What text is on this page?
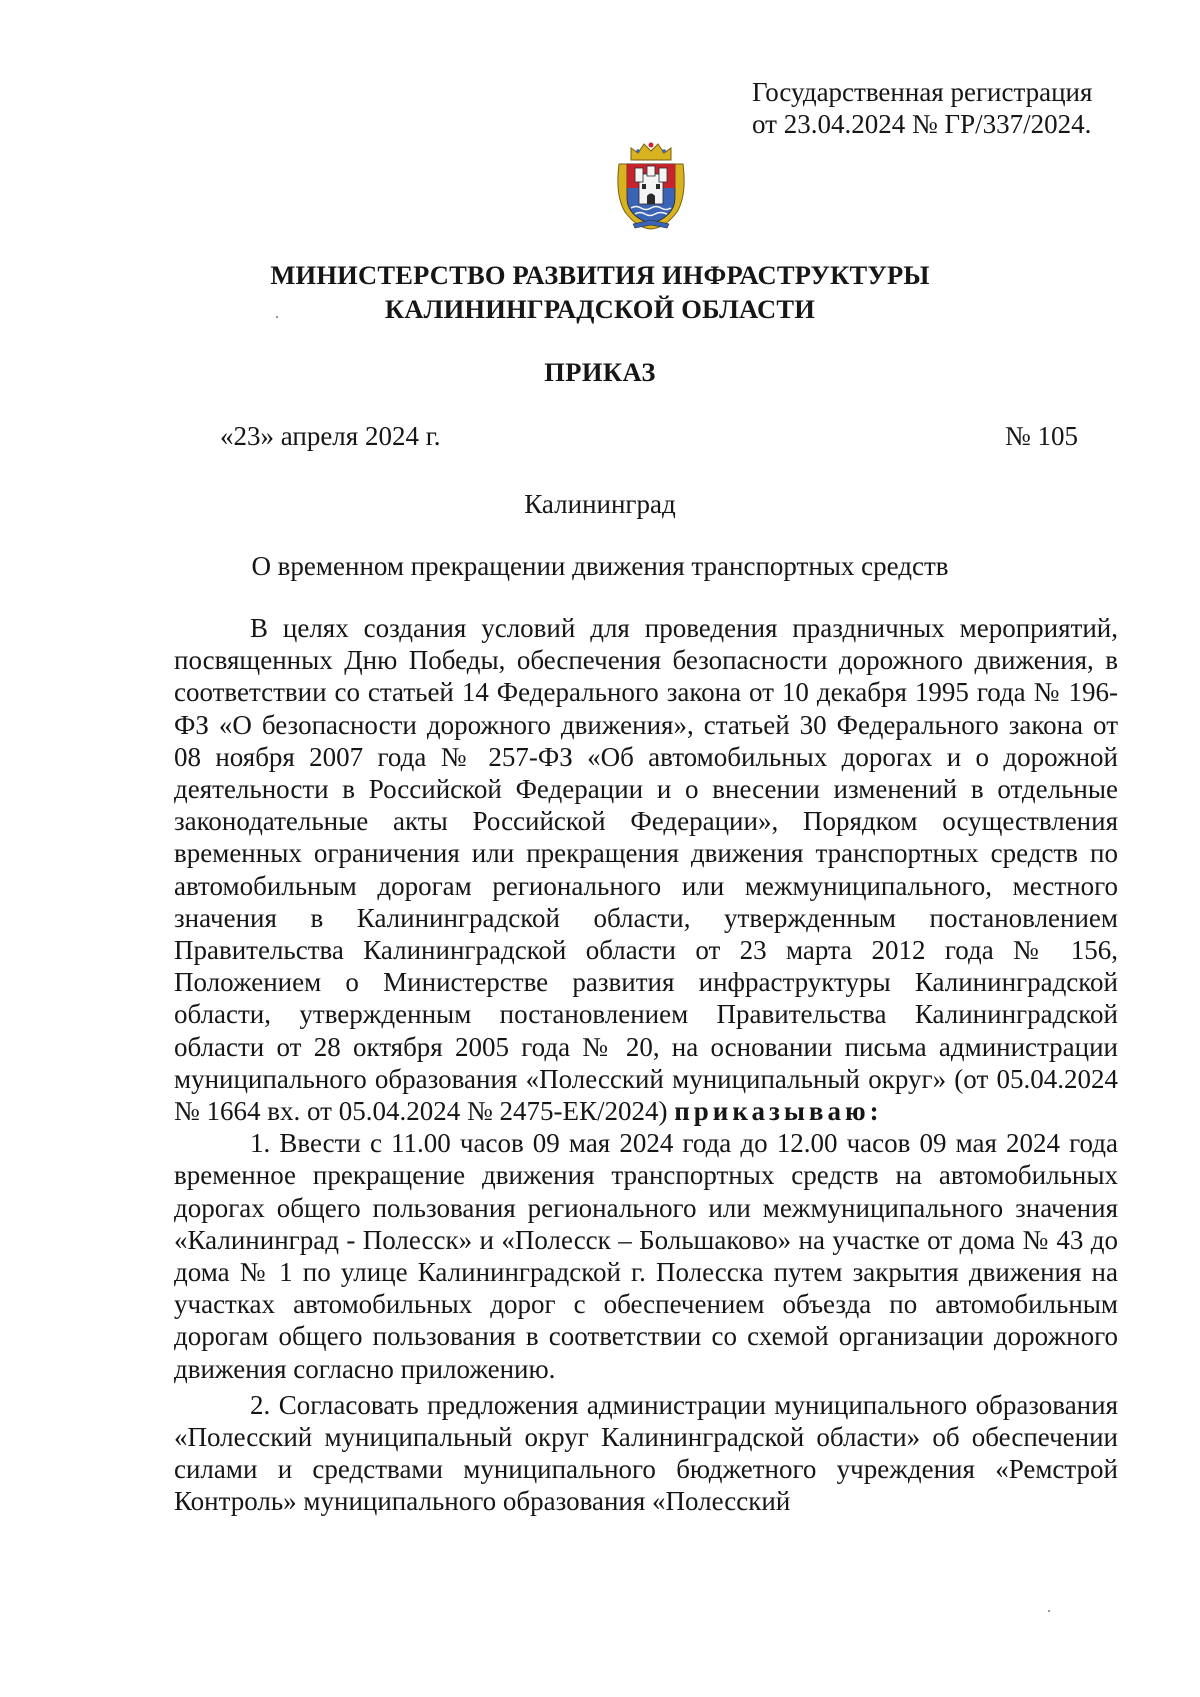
Государственная регистрация
от 23.04.2024 № ГР/337/2024.
МИНИСТЕРСТВО РАЗВИТИЯ ИНФРАСТРУКТУРЫ
КАЛИНИНГРАДСКОЙ ОБЛАСТИ
ПРИКАЗ
«23» апреля 2024 г.	№ 105
Калининград
О временном прекращении движения транспортных средств

В целях создания условий для проведения праздничных мероприятий, посвященных Дню Победы, обеспечения безопасности дорожного движения, в соответствии со статьей 14 Федерального закона от 10 декабря 1995 года № 196-ФЗ «О безопасности дорожного движения», статьей 30 Федерального закона от 08 ноября 2007 года № 257-ФЗ «Об автомобильных дорогах и о дорожной деятельности в Российской Федерации и о внесении изменений в отдельные законодательные акты Российской Федерации», Порядком осуществления временных ограничения или прекращения движения транспортных средств по автомобильным дорогам регионального или межмуниципального, местного значения в Калининградской области, утвержденным постановлением Правительства Калининградской области от 23 марта 2012 года № 156, Положением о Министерстве развития инфраструктуры Калининградской области, утвержденным постановлением Правительства Калининградской области от 28 октября 2005 года № 20, на основании письма администрации муниципального образования «Полесский муниципальный округ» (от 05.04.2024 № 1664 вх. от 05.04.2024 № 2475-ЕК/2024) приказываю:

1. Ввести с 11.00 часов 09 мая 2024 года до 12.00 часов 09 мая 2024 года временное прекращение движения транспортных средств на автомобильных дорогах общего пользования регионального или межмуниципального значения «Калининград - Полесск» и «Полесск – Большаково» на участке от дома № 43 до дома № 1 по улице Калининградской г. Полесска путем закрытия движения на участках автомобильных дорог с обеспечением объезда по автомобильным дорогам общего пользования в соответствии со схемой организации дорожного движения согласно приложению.

2. Согласовать предложения администрации муниципального образования «Полесский муниципальный округ Калининградской области» об обеспечении силами и средствами муниципального бюджетного учреждения «Ремстрой Контроль» муниципального образования «Полесский
